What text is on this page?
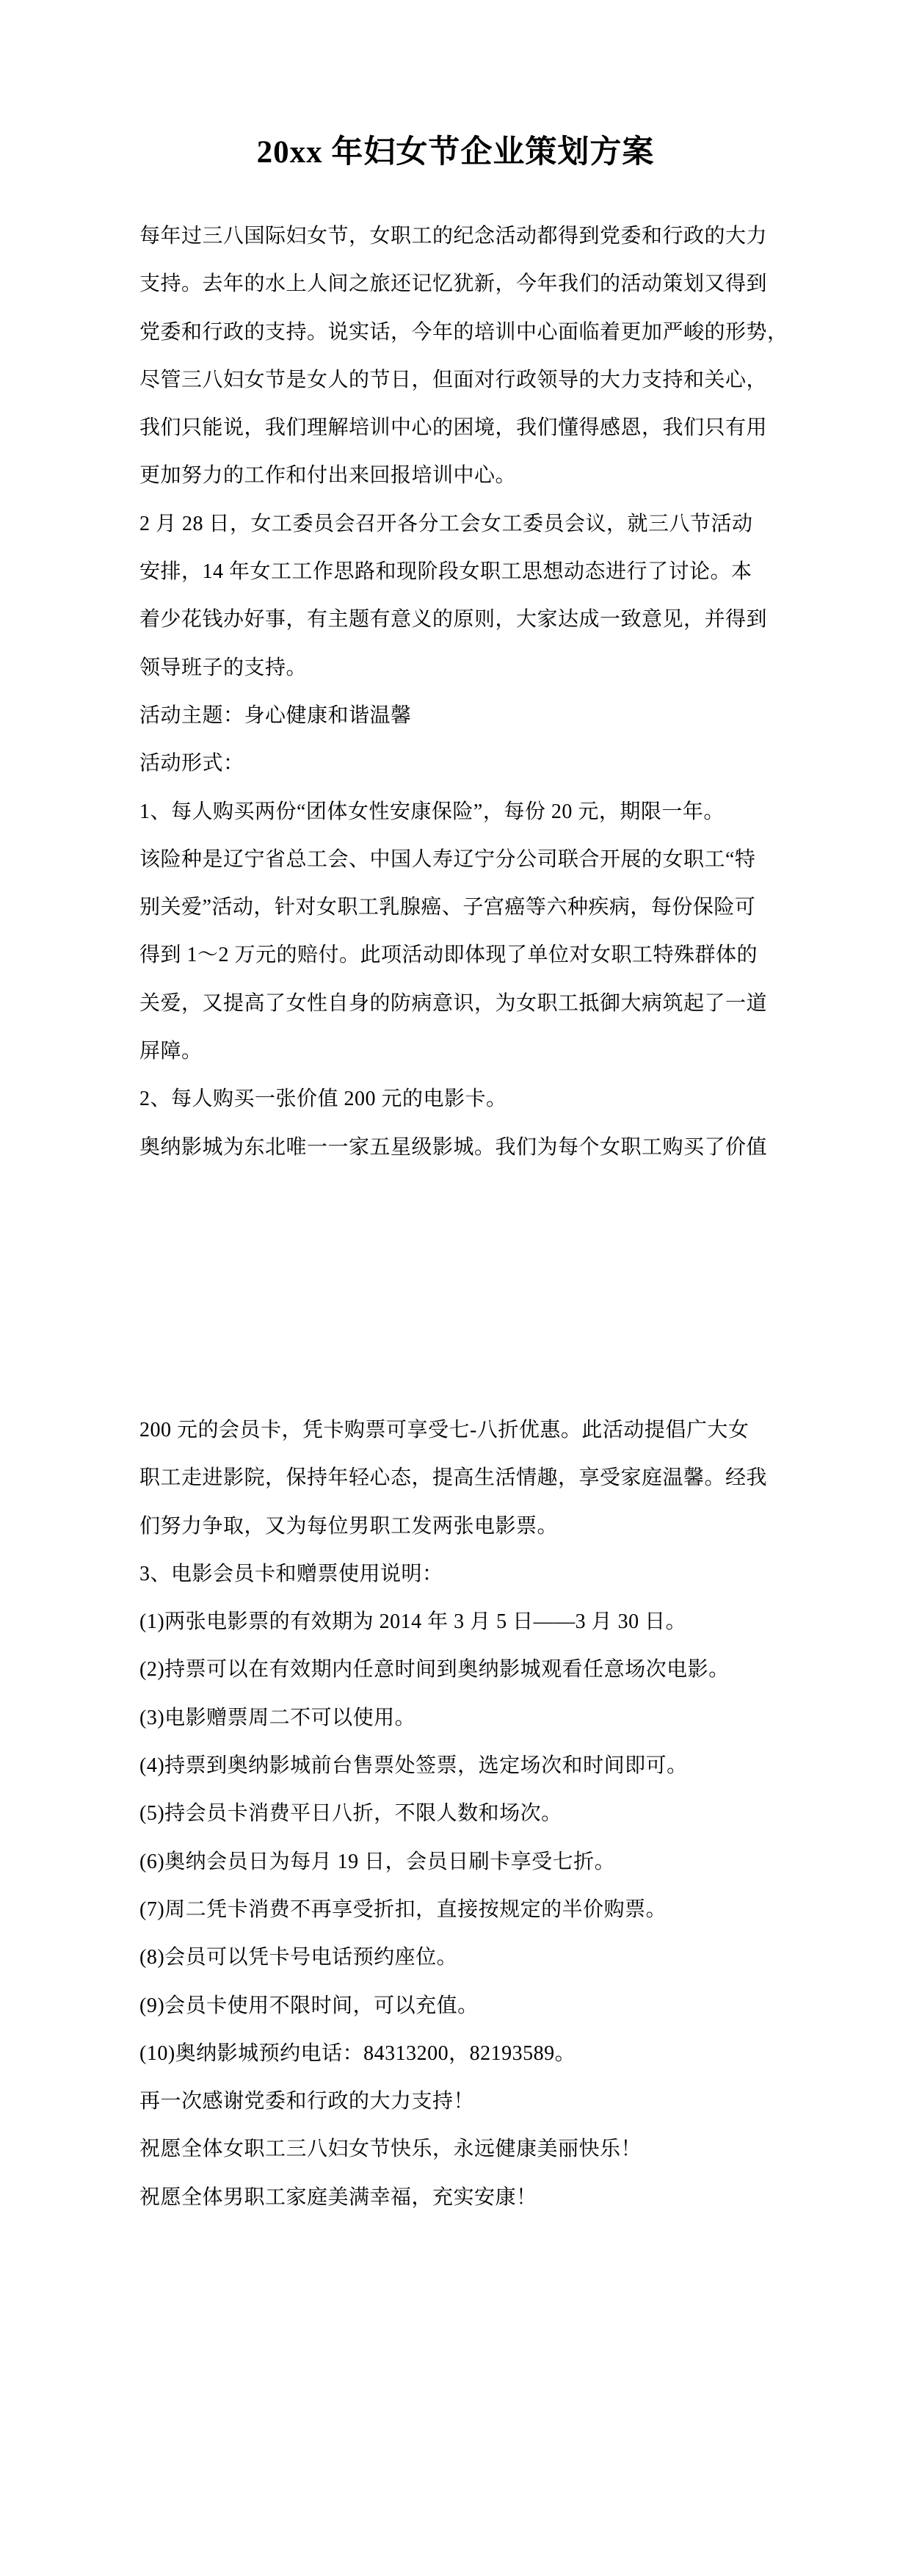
20xx 年妇女节企业策划方案
每年过三八国际妇女节，女职工的纪念活动都得到党委和行政的大力
支持。去年的水上人间之旅还记忆犹新，今年我们的活动策划又得到
党委和行政的支持。说实话，今年的培训中心面临着更加严峻的形势，
尽管三八妇女节是女人的节日，但面对行政领导的大力支持和关心，
我们只能说，我们理解培训中心的困境，我们懂得感恩，我们只有用
更加努力的工作和付出来回报培训中心。
2 月 28 日，女工委员会召开各分工会女工委员会议，就三八节活动
安排，14 年女工工作思路和现阶段女职工思想动态进行了讨论。本
着少花钱办好事，有主题有意义的原则，大家达成一致意见，并得到
领导班子的支持。
活动主题：身心健康和谐温馨
活动形式：
1、每人购买两份“团体女性安康保险”，每份 20 元，期限一年。
该险种是辽宁省总工会、中国人寿辽宁分公司联合开展的女职工“特
别关爱”活动，针对女职工乳腺癌、子宫癌等六种疾病，每份保险可
得到 1～2 万元的赔付。此项活动即体现了单位对女职工特殊群体的
关爱，又提高了女性自身的防病意识，为女职工抵御大病筑起了一道
屏障。
2、每人购买一张价值 200 元的电影卡。
奥纳影城为东北唯一一家五星级影城。我们为每个女职工购买了价值
200 元的会员卡，凭卡购票可享受七-八折优惠。此活动提倡广大女
职工走进影院，保持年轻心态，提高生活情趣，享受家庭温馨。经我
们努力争取，又为每位男职工发两张电影票。
3、电影会员卡和赠票使用说明：
(1)两张电影票的有效期为 2014 年 3 月 5 日——3 月 30 日。
(2)持票可以在有效期内任意时间到奥纳影城观看任意场次电影。
(3)电影赠票周二不可以使用。
(4)持票到奥纳影城前台售票处签票，选定场次和时间即可。
(5)持会员卡消费平日八折，不限人数和场次。
(6)奥纳会员日为每月 19 日，会员日刷卡享受七折。
(7)周二凭卡消费不再享受折扣，直接按规定的半价购票。
(8)会员可以凭卡号电话预约座位。
(9)会员卡使用不限时间，可以充值。
(10)奥纳影城预约电话：84313200，82193589。
再一次感谢党委和行政的大力支持！
祝愿全体女职工三八妇女节快乐，永远健康美丽快乐！
祝愿全体男职工家庭美满幸福，充实安康！
